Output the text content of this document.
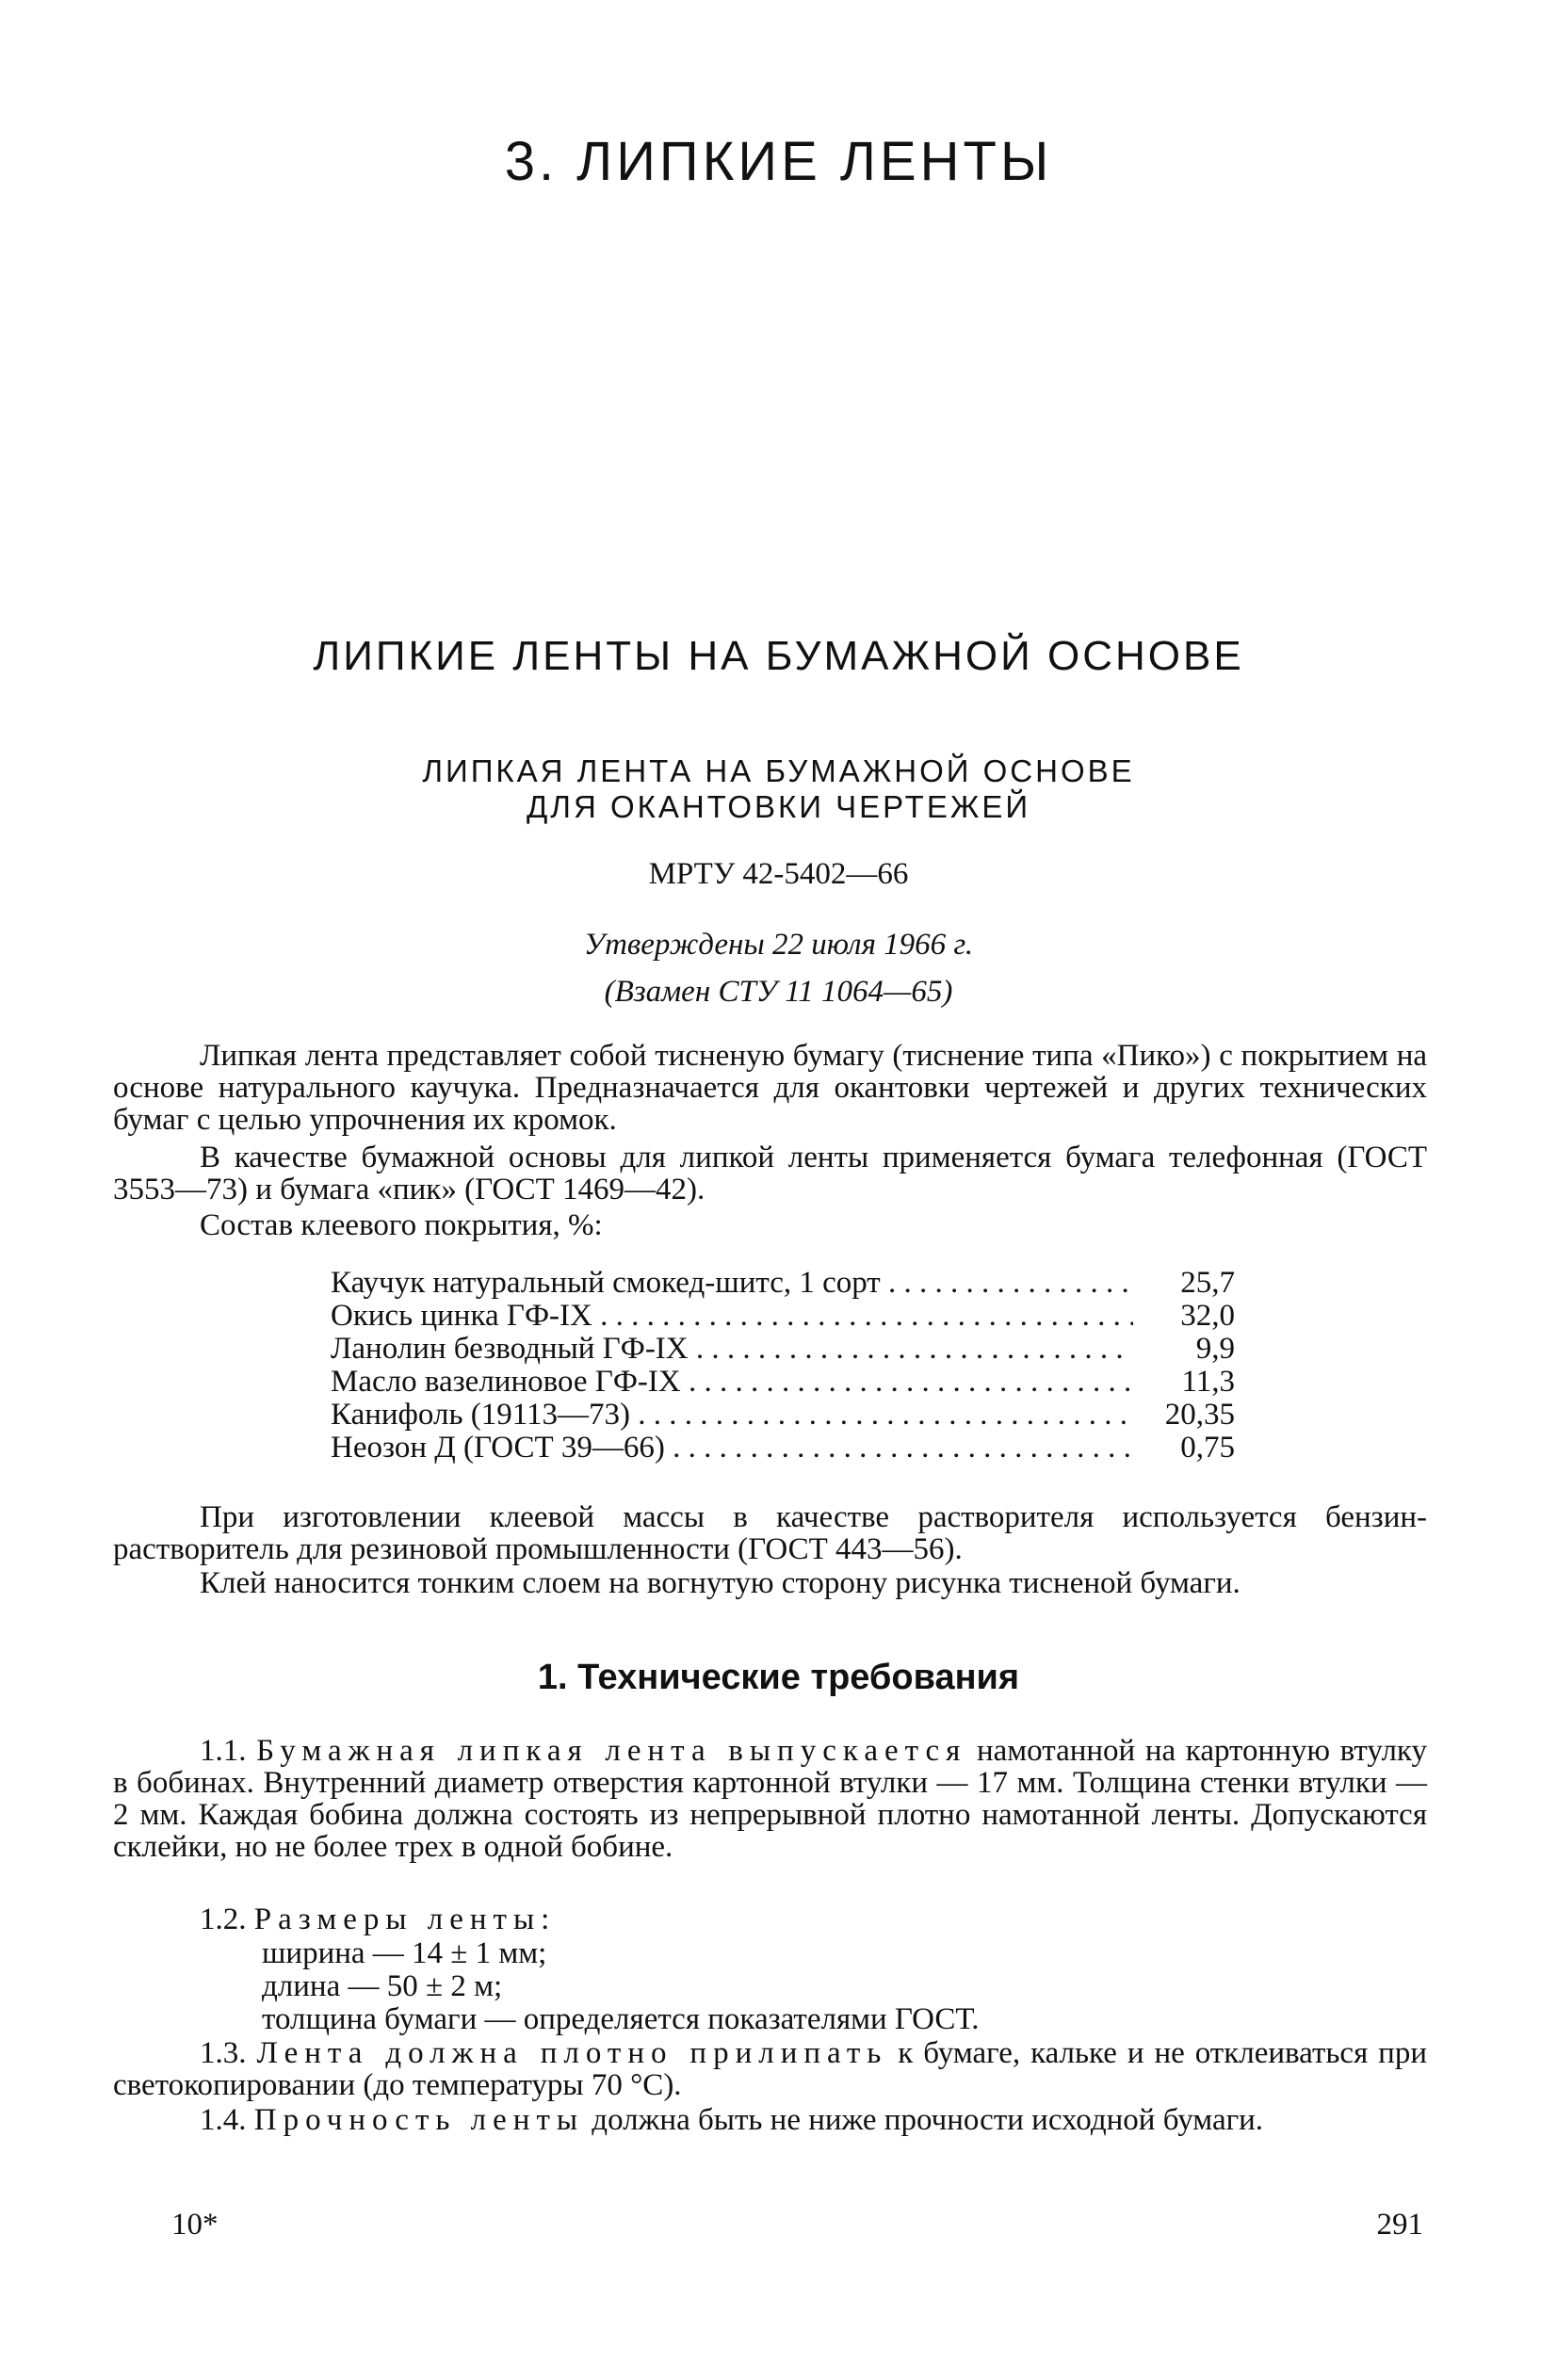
3. ЛИПКИЕ ЛЕНТЫ
ЛИПКИЕ ЛЕНТЫ НА БУМАЖНОЙ ОСНОВЕ
ЛИПКАЯ ЛЕНТА НА БУМАЖНОЙ ОСНОВЕ
ДЛЯ ОКАНТОВКИ ЧЕРТЕЖЕЙ
МРТУ 42-5402—66
Утверждены 22 июля 1966 г.
(Взамен СТУ 11 1064—65)
Липкая лента представляет собой тисненую бумагу (тиснение типа «Пико») с покрытием на основе натурального каучука. Предназначается для окантовки чертежей и других технических бумаг с целью упрочнения их кромок.
В качестве бумажной основы для липкой ленты применяется бумага телефонная (ГОСТ 3553—73) и бумага «пик» (ГОСТ 1469—42).
Состав клеевого покрытия, %:
Каучук натуральный смокед-шитс, 1 сорт . . .	25,7
Окись цинка ГФ-IX . . .	32,0
Ланолин безводный ГФ-IX . . .	9,9
Масло вазелиновое ГФ-IX . . .	11,3
Канифоль (19113—73) . . .	20,35
Неозон Д (ГОСТ 39—66) . . .	0,75
При изготовлении клеевой массы в качестве растворителя используется бензин-растворитель для резиновой промышленности (ГОСТ 443—56).
Клей наносится тонким слоем на вогнутую сторону рисунка тисненой бумаги.
1. Технические требования
1.1. Бумажная липкая лента выпускается намотанной на картонную втулку в бобинах. Внутренний диаметр отверстия картонной втулки — 17 мм. Толщина стенки втулки — 2 мм. Каждая бобина должна состоять из непрерывной плотно намотанной ленты. Допускаются склейки, но не более трех в одной бобине.
1.2. Размеры ленты:
ширина — 14 ± 1 мм;
длина — 50 ± 2 м;
толщина бумаги — определяется показателями ГОСТ.
1.3. Лента должна плотно прилипать к бумаге, кальке и не отклеиваться при светокопировании (до температуры 70 °С).
1.4. Прочность ленты должна быть не ниже прочности исходной бумаги.
10*	291
